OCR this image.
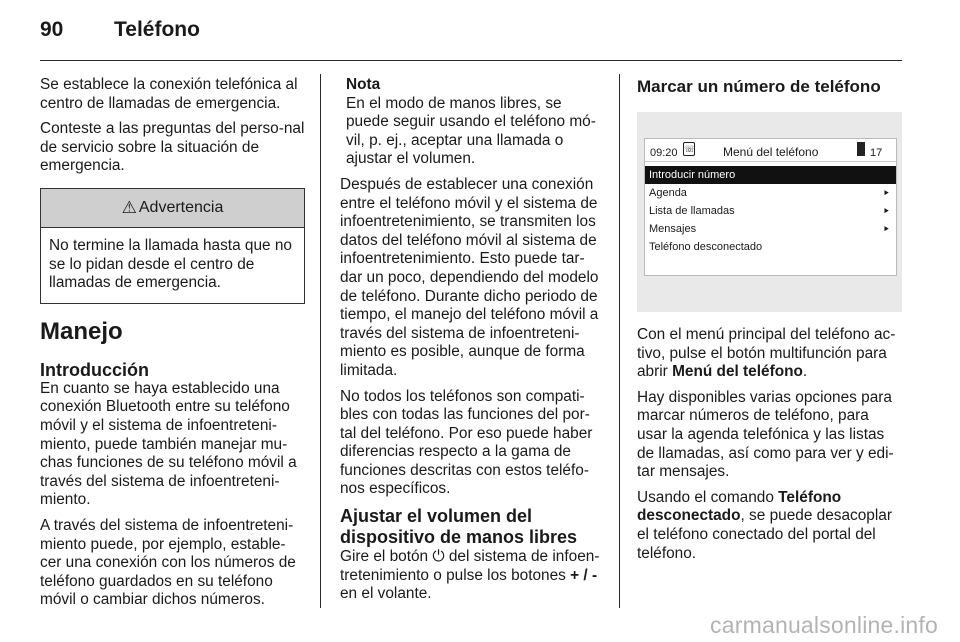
90 Teléfono

Se establece la conexión telefónica al centro de llamadas de emergencia.

Conteste a las preguntas del perso-nal de servicio sobre la situación de emergencia.

⚠ Advertencia
No termine la llamada hasta que no se lo pidan desde el centro de llamadas de emergencia.
Manejo
Introducción

En cuanto se haya establecido una conexión Bluetooth entre su teléfono móvil y el sistema de infoentreteni-miento, puede también manejar mu-chas funciones de su teléfono móvil a través del sistema de infoentreteni-miento.

A través del sistema de infoentreteni-miento puede, por ejemplo, estable-cer una conexión con los números de teléfono guardados en su teléfono móvil o cambiar dichos números.

Nota
En el modo de manos libres, se puede seguir usando el teléfono mó-vil, p. ej., aceptar una llamada o ajustar el volumen.

Después de establecer una conexión entre el teléfono móvil y el sistema de infoentretenimiento, se transmiten los datos del teléfono móvil al sistema de infoentretenimiento. Esto puede tar-dar un poco, dependiendo del modelo de teléfono. Durante dicho periodo de tiempo, el manejo del teléfono móvil a través del sistema de infoentreteni-miento es posible, aunque de forma limitada.

No todos los teléfonos son compati-bles con todas las funciones del por-tal del teléfono. Por eso puede haber diferencias respecto a la gama de funciones descritas con estos teléfo-nos específicos.

Ajustar el volumen del dispositivo de manos libres

Gire el botón ⏻ del sistema de infoen-tretenimiento o pulse los botones + / - en el volante.

Marcar un número de teléfono
09:20 ☏ Menú del teléfono	17
Introducir número
Agenda	⯈
Lista de llamadas	⯈
Mensajes	⯈
Teléfono desconectado

Con el menú principal del teléfono ac-tivo, pulse el botón multifunción para abrir Menú del teléfono.

Hay disponibles varias opciones para marcar números de teléfono, para usar la agenda telefónica y las listas de llamadas, así como para ver y edi-tar mensajes.

Usando el comando Teléfono desconectado, se puede desacoplar el teléfono conectado del portal del teléfono.

carmanualsonline.info
